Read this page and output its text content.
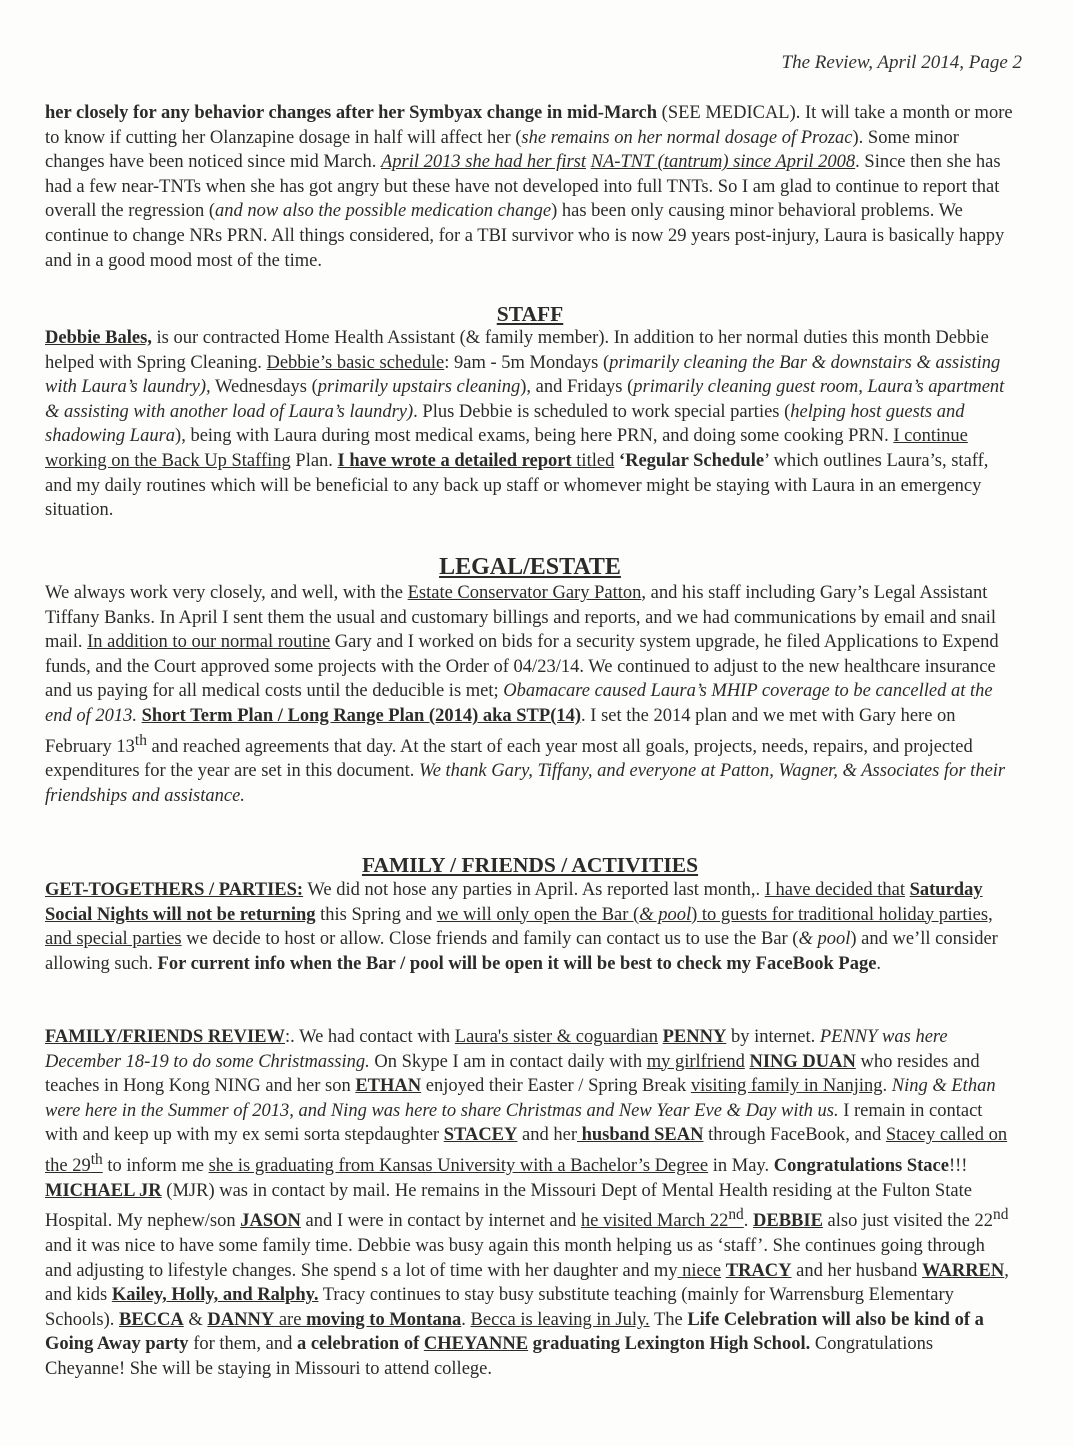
The Review, April 2014, Page 2

her closely for any behavior changes after her Symbyax change in mid-March (SEE MEDICAL). It will take a month or more to know if cutting her Olanzapine dosage in half will affect her (she remains on her normal dosage of Prozac). Some minor changes have been noticed since mid March. April 2013 she had her first NA-TNT (tantrum) since April 2008. Since then she has had a few near-TNTs when she has got angry but these have not developed into full TNTs. So I am glad to continue to report that overall the regression (and now also the possible medication change) has been only causing minor behavioral problems. We continue to change NRs PRN. All things considered, for a TBI survivor who is now 29 years post-injury, Laura is basically happy and in a good mood most of the time.

STAFF

Debbie Bales, is our contracted Home Health Assistant (& family member). In addition to her normal duties this month Debbie helped with Spring Cleaning. Debbie’s basic schedule: 9am - 5m Mondays (primarily cleaning the Bar & downstairs & assisting with Laura’s laundry), Wednesdays (primarily upstairs cleaning), and Fridays (primarily cleaning guest room, Laura’s apartment & assisting with another load of Laura’s laundry). Plus Debbie is scheduled to work special parties (helping host guests and shadowing Laura), being with Laura during most medical exams, being here PRN, and doing some cooking PRN. I continue working on the Back Up Staffing Plan. I have wrote a detailed report titled ‘Regular Schedule’ which outlines Laura’s, staff, and my daily routines which will be beneficial to any back up staff or whomever might be staying with Laura in an emergency situation.

LEGAL/ESTATE

We always work very closely, and well, with the Estate Conservator Gary Patton, and his staff including Gary’s Legal Assistant Tiffany Banks. In April I sent them the usual and customary billings and reports, and we had communications by email and snail mail. In addition to our normal routine Gary and I worked on bids for a security system upgrade, he filed Applications to Expend funds, and the Court approved some projects with the Order of 04/23/14. We continued to adjust to the new healthcare insurance and us paying for all medical costs until the deducible is met; Obamacare caused Laura’s MHIP coverage to be cancelled at the end of 2013. Short Term Plan / Long Range Plan (2014) aka STP(14). I set the 2014 plan and we met with Gary here on February 13th and reached agreements that day. At the start of each year most all goals, projects, needs, repairs, and projected expenditures for the year are set in this document. We thank Gary, Tiffany, and everyone at Patton, Wagner, & Associates for their friendships and assistance.

FAMILY / FRIENDS / ACTIVITIES

GET-TOGETHERS / PARTIES: We did not hose any parties in April. As reported last month,. I have decided that Saturday Social Nights will not be returning this Spring and we will only open the Bar (& pool) to guests for traditional holiday parties, and special parties we decide to host or allow. Close friends and family can contact us to use the Bar (& pool) and we’ll consider allowing such. For current info when the Bar / pool will be open it will be best to check my FaceBook Page.

FAMILY/FRIENDS REVIEW:. We had contact with Laura's sister & coguardian PENNY by internet. PENNY was here December 18-19 to do some Christmassing. On Skype I am in contact daily with my girlfriend NING DUAN who resides and teaches in Hong Kong NING and her son ETHAN enjoyed their Easter / Spring Break visiting family in Nanjing. Ning & Ethan were here in the Summer of 2013, and Ning was here to share Christmas and New Year Eve & Day with us. I remain in contact with and keep up with my ex semi sorta stepdaughter STACEY and her husband SEAN through FaceBook, and Stacey called on the 29th to inform me she is graduating from Kansas University with a Bachelor’s Degree in May. Congratulations Stace!!! MICHAEL JR (MJR) was in contact by mail. He remains in the Missouri Dept of Mental Health residing at the Fulton State Hospital. My nephew/son JASON and I were in contact by internet and he visited March 22nd. DEBBIE also just visited the 22nd and it was nice to have some family time. Debbie was busy again this month helping us as ‘staff’. She continues going through and adjusting to lifestyle changes. She spend s a lot of time with her daughter and my niece TRACY and her husband WARREN, and kids Kailey, Holly, and Ralphy. Tracy continues to stay busy substitute teaching (mainly for Warrensburg Elementary Schools). BECCA & DANNY are moving to Montana. Becca is leaving in July. The Life Celebration will also be kind of a Going Away party for them, and a celebration of CHEYANNE graduating Lexington High School. Congratulations Cheyanne! She will be staying in Missouri to attend college.
